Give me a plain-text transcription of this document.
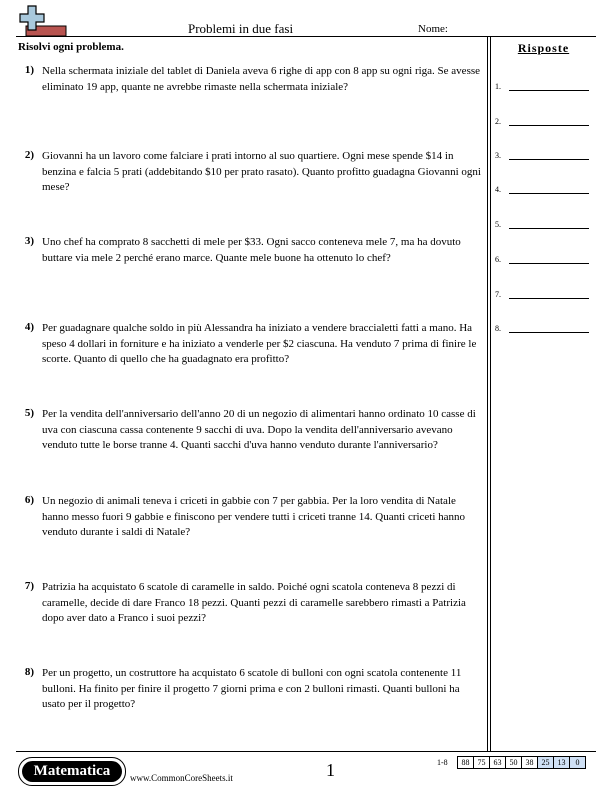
Problemi in due fasi	Nome:
Risolvi ogni problema.	Risposte
1) Nella schermata iniziale del tablet di Daniela aveva 6 righe di app con 8 app su ogni riga. Se avesse eliminato 19 app, quante ne avrebbe rimaste nella schermata iniziale?
2) Giovanni ha un lavoro come falciare i prati intorno al suo quartiere. Ogni mese spende $14 in benzina e falcia 5 prati (addebitando $10 per prato rasato). Quanto profitto guadagna Giovanni ogni mese?
3) Uno chef ha comprato 8 sacchetti di mele per $33. Ogni sacco conteneva mele 7, ma ha dovuto buttare via mele 2 perché erano marce. Quante mele buone ha ottenuto lo chef?
4) Per guadagnare qualche soldo in più Alessandra ha iniziato a vendere braccialetti fatti a mano. Ha speso 4 dollari in forniture e ha iniziato a venderle per $2 ciascuna. Ha venduto 7 prima di finire le scorte. Quanto di quello che ha guadagnato era profitto?
5) Per la vendita dell'anniversario dell'anno 20 di un negozio di alimentari hanno ordinato 10 casse di uva con ciascuna cassa contenente 9 sacchi di uva. Dopo la vendita dell'anniversario avevano venduto tutte le borse tranne 4. Quanti sacchi d'uva hanno venduto durante l'anniversario?
6) Un negozio di animali teneva i criceti in gabbie con 7 per gabbia. Per la loro vendita di Natale hanno messo fuori 9 gabbie e finiscono per vendere tutti i criceti tranne 14. Quanti criceti hanno venduto durante i saldi di Natale?
7) Patrizia ha acquistato 6 scatole di caramelle in saldo. Poiché ogni scatola conteneva 8 pezzi di caramelle, decide di dare Franco 18 pezzi. Quanti pezzi di caramelle sarebbero rimasti a Patrizia dopo aver dato a Franco i suoi pezzi?
8) Per un progetto, un costruttore ha acquistato 6 scatole di bulloni con ogni scatola contenente 11 bulloni. Ha finito per finire il progetto 7 giorni prima e con 2 bulloni rimasti. Quanti bulloni ha usato per il progetto?
1.
2.
3.
4.
5.
6.
7.
8.
Matematica www.CommonCoreSheets.it	1	1-8 88	75	63	50	38	25	13	0
